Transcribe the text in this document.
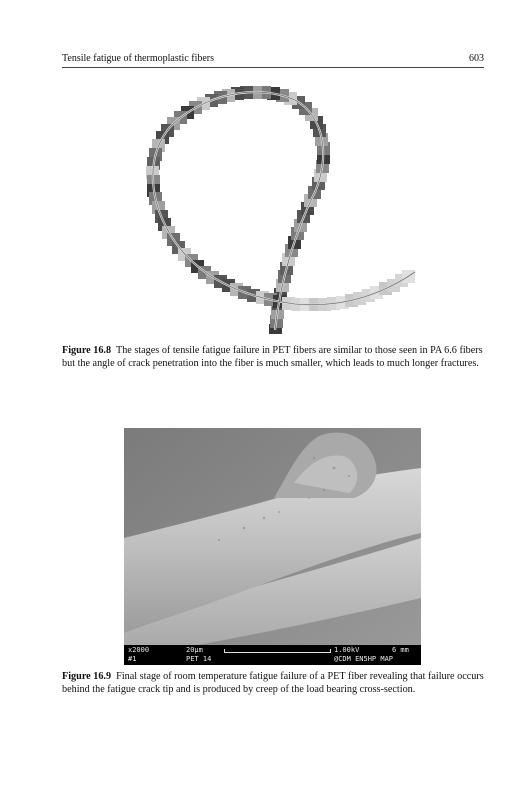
Tensile fatigue of thermoplastic fibers	603
Figure 16.8 The stages of tensile fatigue failure in PET fibers are similar to those seen in PA 6.6 fibers but the angle of crack penetration into the fiber is much smaller, which leads to much longer fractures.
x2000	20μm	1.00kV	6 mm
#1	PET 14	@CDM EN5HP MAP
Figure 16.9 Final stage of room temperature fatigue failure of a PET fiber revealing that failure occurs behind the fatigue crack tip and is produced by creep of the load bearing cross-section.
